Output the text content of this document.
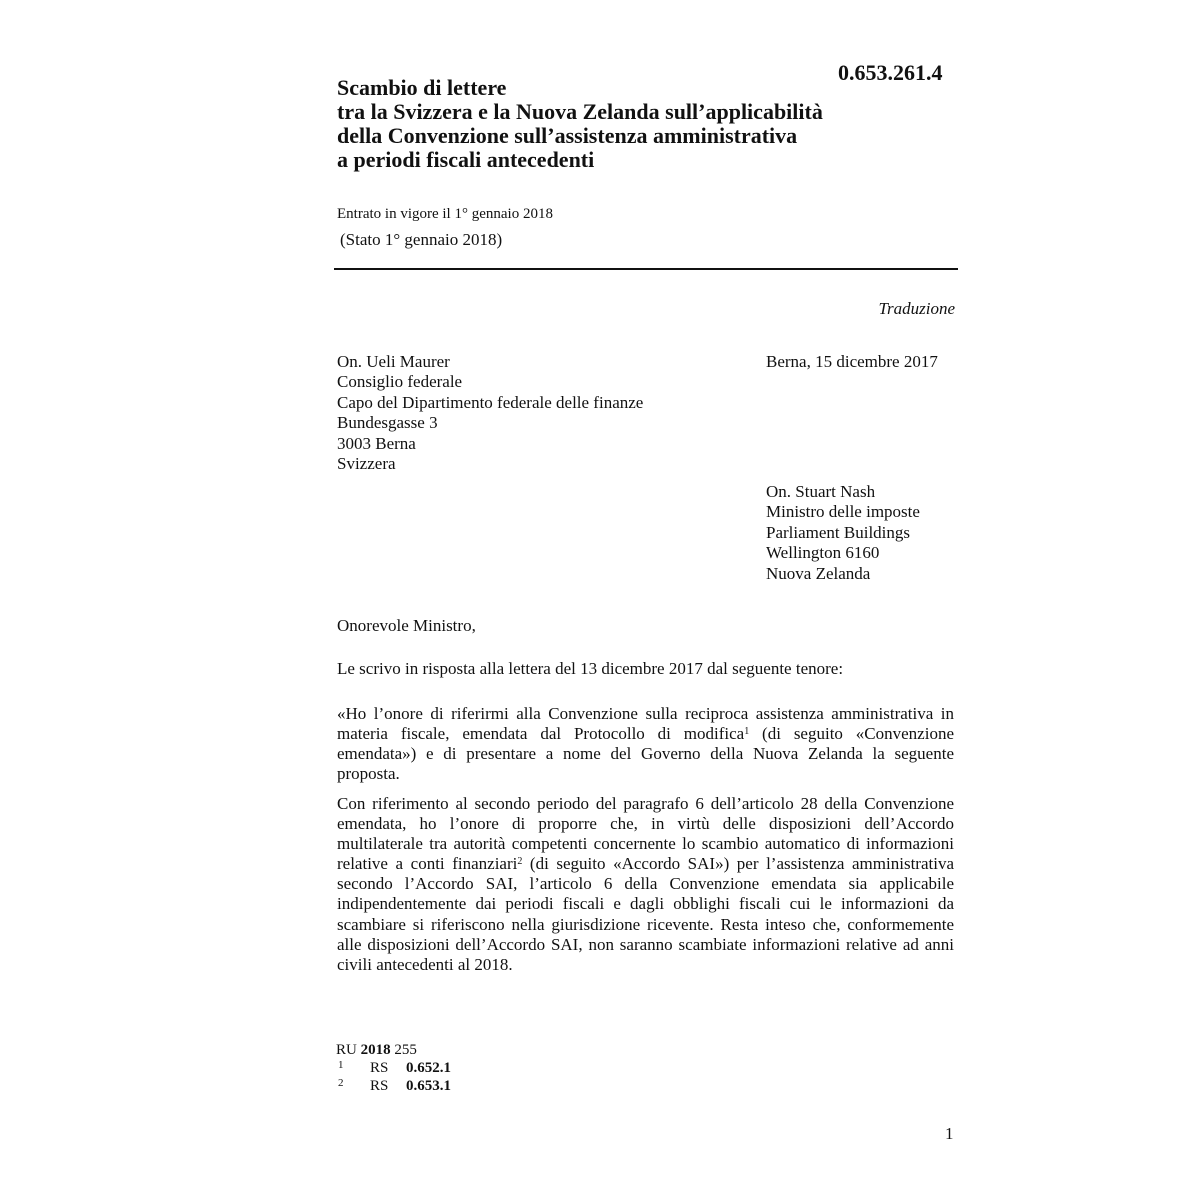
0.653.261.4
Scambio di lettere
tra la Svizzera e la Nuova Zelanda sull’applicabilità
della Convenzione sull’assistenza amministrativa
a periodi fiscali antecedenti
Entrato in vigore il 1° gennaio 2018
(Stato 1° gennaio 2018)
Traduzione
On. Ueli Maurer
Consiglio federale
Capo del Dipartimento federale delle finanze
Bundesgasse 3
3003 Berna
Svizzera
Berna, 15 dicembre 2017
On. Stuart Nash
Ministro delle imposte
Parliament Buildings
Wellington 6160
Nuova Zelanda
Onorevole Ministro,
Le scrivo in risposta alla lettera del 13 dicembre 2017 dal seguente tenore:
«Ho l’onore di riferirmi alla Convenzione sulla reciproca assistenza amministrativa in materia fiscale, emendata dal Protocollo di modifica$^1$ (di seguito «Convenzione emendata») e di presentare a nome del Governo della Nuova Zelanda la seguente proposta.
Con riferimento al secondo periodo del paragrafo 6 dell’articolo 28 della Convenzione emendata, ho l’onore di proporre che, in virtù delle disposizioni dell’Accordo multilaterale tra autorità competenti concernente lo scambio automatico di informazioni relative a conti finanziari$^2$ (di seguito «Accordo SAI») per l’assistenza amministrativa secondo l’Accordo SAI, l’articolo 6 della Convenzione emendata sia applicabile indipendentemente dai periodi fiscali e dagli obblighi fiscali cui le informazioni da scambiare si riferiscono nella giurisdizione ricevente. Resta inteso che, conformemente alle disposizioni dell’Accordo SAI, non saranno scambiate informazioni relative ad anni civili antecedenti al 2018.
RU
2018
255
1	RS	0.652.1
2	RS	0.653.1
1
